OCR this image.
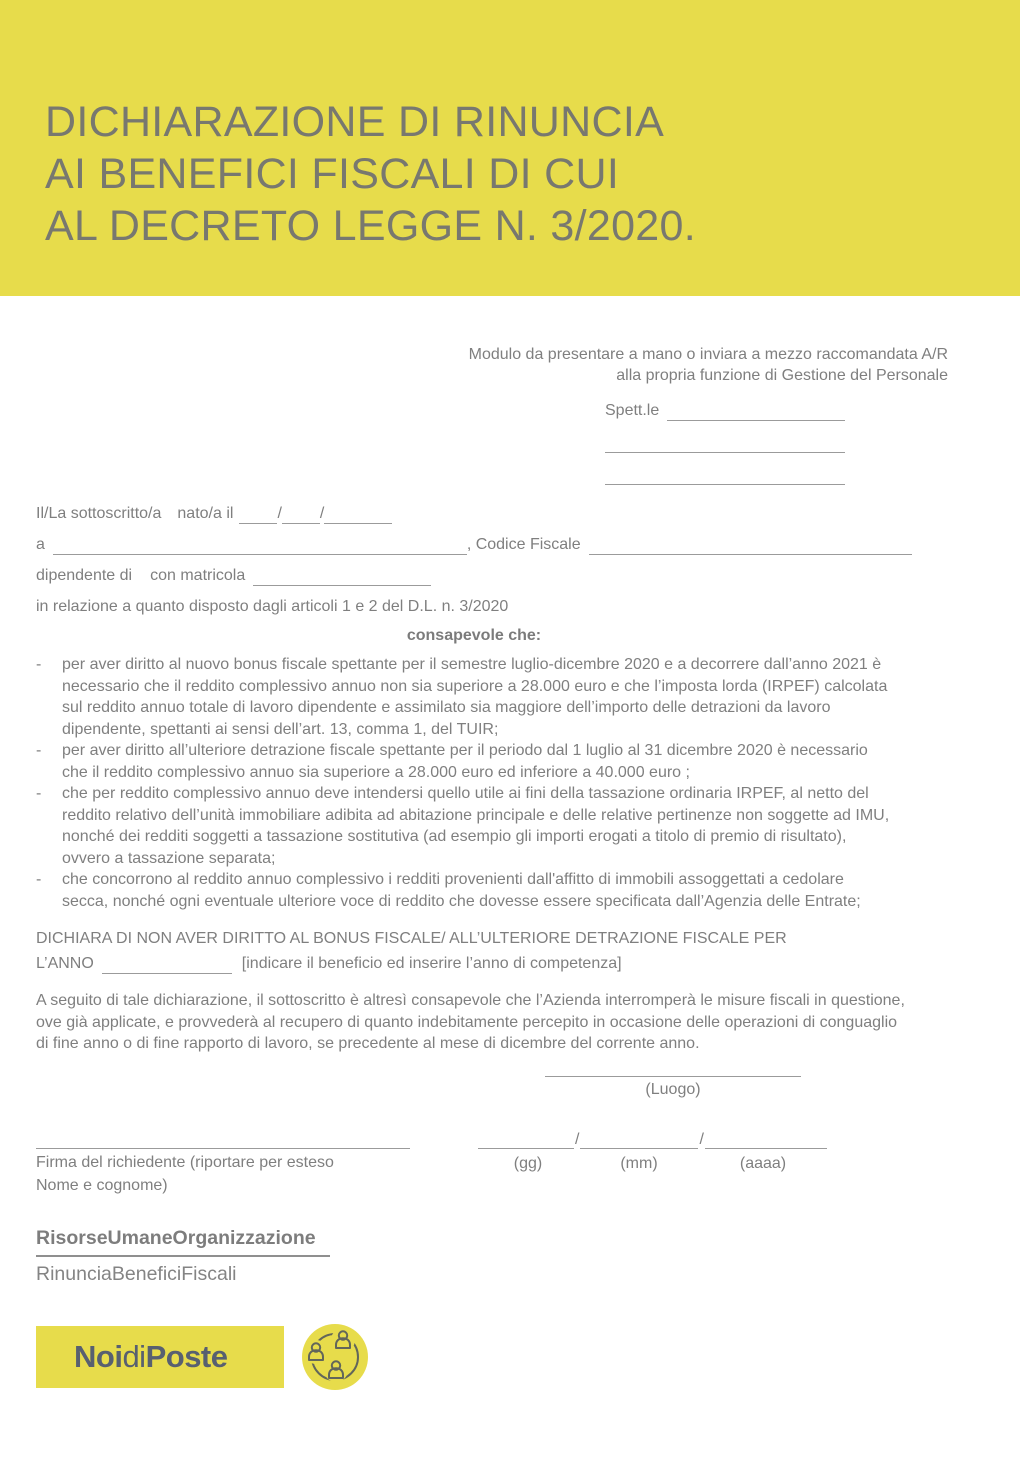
DICHIARAZIONE DI RINUNCIA
AI BENEFICI FISCALI DI CUI
AL DECRETO LEGGE N. 3/2020.
Modulo da presentare a mano o inviara a mezzo raccomandata A/R
alla propria funzione di Gestione del Personale
Spett.le
Il/La sottoscritto/a nato/a il	/ /
a	, Codice Fiscale
dipendente di con matricola
in relazione a quanto disposto dagli articoli 1 e 2 del D.L. n. 3/2020
consapevole che:
-	per aver diritto al nuovo bonus fiscale spettante per il semestre luglio-dicembre 2020 e a decorrere dall’anno 2021 è necessario che il reddito complessivo annuo non sia superiore a 28.000 euro e che l’imposta lorda (IRPEF) calcolata sul reddito annuo totale di lavoro dipendente e assimilato sia maggiore dell’importo delle detrazioni da lavoro dipendente, spettanti ai sensi dell’art. 13, comma 1, del TUIR;
-	per aver diritto all’ulteriore detrazione fiscale spettante per il periodo dal 1 luglio al 31 dicembre 2020 è necessario che il reddito complessivo annuo sia superiore a 28.000 euro ed inferiore a 40.000 euro ;
-	che per reddito complessivo annuo deve intendersi quello utile ai fini della tassazione ordinaria IRPEF, al netto del reddito relativo dell’unità immobiliare adibita ad abitazione principale e delle relative pertinenze non soggette ad IMU, nonché dei redditi soggetti a tassazione sostitutiva (ad esempio gli importi erogati a titolo di premio di risultato), ovvero a tassazione separata;
-	che concorrono al reddito annuo complessivo i redditi provenienti dall'affitto di immobili assoggettati a cedolare secca, nonché ogni eventuale ulteriore voce di reddito che dovesse essere specificata dall’Agenzia delle Entrate;
DICHIARA DI NON AVER DIRITTO AL BONUS FISCALE/ ALL’ULTERIORE DETRAZIONE FISCALE PER
L’ANNO	[indicare il beneficio ed inserire l’anno di competenza]
A seguito di tale dichiarazione, il sottoscritto è altresì consapevole che l’Azienda interromperà le misure fiscali in questione, ove già applicate, e provvederà al recupero di quanto indebitamente percepito in occasione delle operazioni di conguaglio di fine anno o di fine rapporto di lavoro, se precedente al mese di dicembre del corrente anno.
(Luogo)
Firma del richiedente (riportare per esteso
Nome e cognome)
/	/
(gg)	(mm)	(aaaa)
RisorseUmaneOrganizzazione
RinunciaBeneficiFiscali
NoidiPoste
